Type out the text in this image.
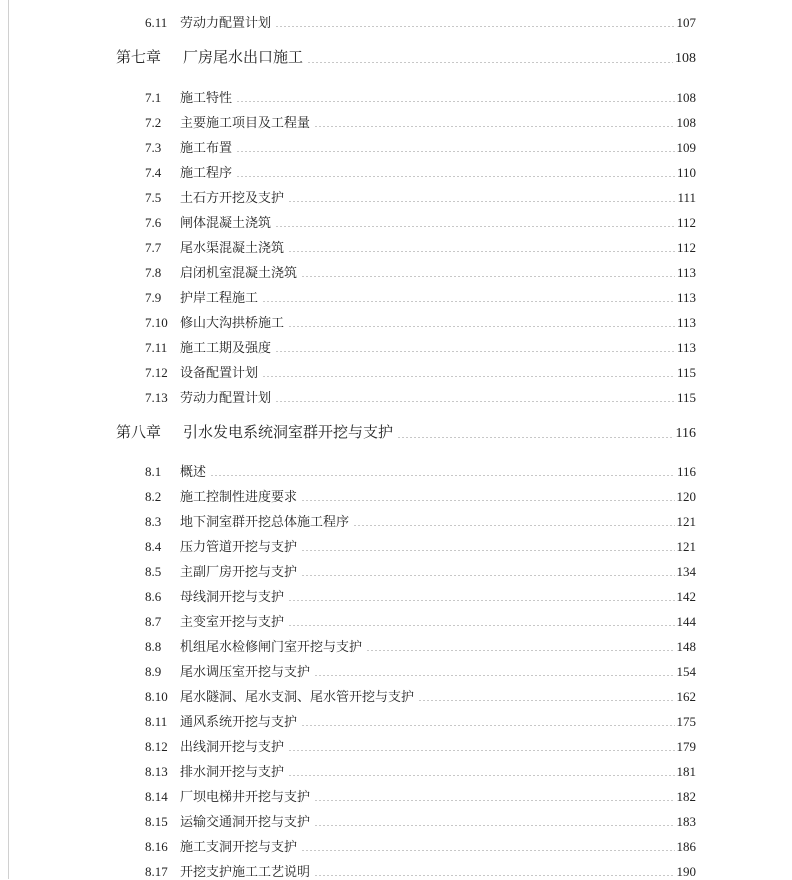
6.11 劳动力配置计划	107
第七章	厂房尾水出口施工	108
7.1	施工特性	108
7.2	主要施工项目及工程量	108
7.3	施工布置	109
7.4	施工程序	110
7.5	土石方开挖及支护	111
7.6	闸体混凝土浇筑	112
7.7	尾水渠混凝土浇筑	112
7.8	启闭机室混凝土浇筑	113
7.9	护岸工程施工	113
7.10 修山大沟拱桥施工	113
7.11 施工工期及强度	113
7.12 设备配置计划	115
7.13 劳动力配置计划	115
第八章	引水发电系统洞室群开挖与支护	116
8.1	概述	116
8.2	施工控制性进度要求	120
8.3	地下洞室群开挖总体施工程序	121
8.4	压力管道开挖与支护	121
8.5	主副厂房开挖与支护	134
8.6	母线洞开挖与支护	142
8.7	主变室开挖与支护	144
8.8	机组尾水检修闸门室开挖与支护	148
8.9	尾水调压室开挖与支护	154
8.10 尾水隧洞、尾水支洞、尾水管开挖与支护	162
8.11 通风系统开挖与支护	175
8.12 出线洞开挖与支护	179
8.13 排水洞开挖与支护	181
8.14 厂坝电梯井开挖与支护	182
8.15 运输交通洞开挖与支护	183
8.16 施工支洞开挖与支护	186
8.17 开挖支护施工工艺说明	190
